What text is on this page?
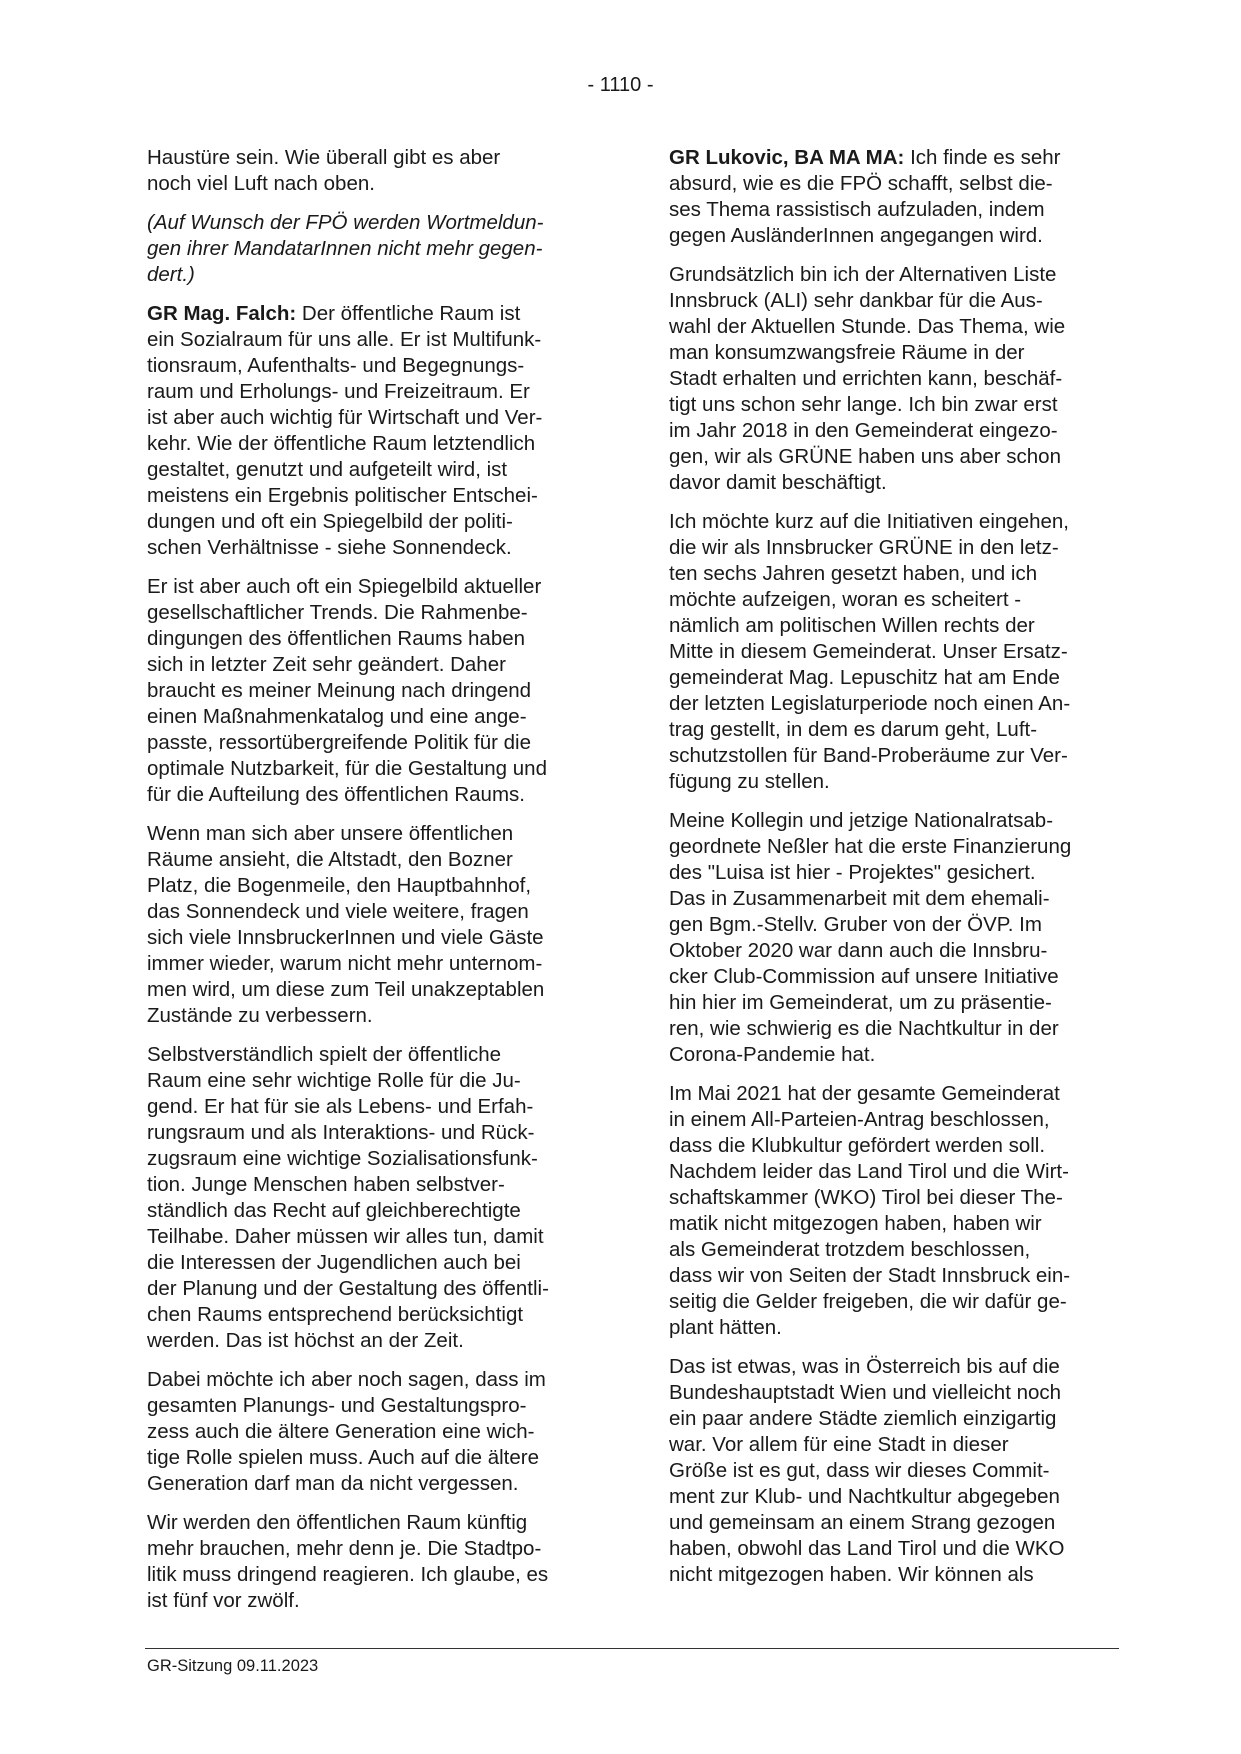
- 1110 -

Haustüre sein. Wie überall gibt es aber
noch viel Luft nach oben.

(Auf Wunsch der FPÖ werden Wortmeldun-
gen ihrer MandatarInnen nicht mehr gegen-
dert.)

GR Mag. Falch: Der öffentliche Raum ist
ein Sozialraum für uns alle. Er ist Multifunk-
tionsraum, Aufenthalts- und Begegnungs-
raum und Erholungs- und Freizeitraum. Er
ist aber auch wichtig für Wirtschaft und Ver-
kehr. Wie der öffentliche Raum letztendlich
gestaltet, genutzt und aufgeteilt wird, ist
meistens ein Ergebnis politischer Entschei-
dungen und oft ein Spiegelbild der politi-
schen Verhältnisse - siehe Sonnendeck.

Er ist aber auch oft ein Spiegelbild aktueller
gesellschaftlicher Trends. Die Rahmenbe-
dingungen des öffentlichen Raums haben
sich in letzter Zeit sehr geändert. Daher
braucht es meiner Meinung nach dringend
einen Maßnahmenkatalog und eine ange-
passte, ressortübergreifende Politik für die
optimale Nutzbarkeit, für die Gestaltung und
für die Aufteilung des öffentlichen Raums.

Wenn man sich aber unsere öffentlichen
Räume ansieht, die Altstadt, den Bozner
Platz, die Bogenmeile, den Hauptbahnhof,
das Sonnendeck und viele weitere, fragen
sich viele InnsbruckerInnen und viele Gäste
immer wieder, warum nicht mehr unternom-
men wird, um diese zum Teil unakzeptablen
Zustände zu verbessern.

Selbstverständlich spielt der öffentliche
Raum eine sehr wichtige Rolle für die Ju-
gend. Er hat für sie als Lebens- und Erfah-
rungsraum und als Interaktions- und Rück-
zugsraum eine wichtige Sozialisationsfunk-
tion. Junge Menschen haben selbstver-
ständlich das Recht auf gleichberechtigte
Teilhabe. Daher müssen wir alles tun, damit
die Interessen der Jugendlichen auch bei
der Planung und der Gestaltung des öffentli-
chen Raums entsprechend berücksichtigt
werden. Das ist höchst an der Zeit.

Dabei möchte ich aber noch sagen, dass im
gesamten Planungs- und Gestaltungspro-
zess auch die ältere Generation eine wich-
tige Rolle spielen muss. Auch auf die ältere
Generation darf man da nicht vergessen.

Wir werden den öffentlichen Raum künftig
mehr brauchen, mehr denn je. Die Stadtpo-
litik muss dringend reagieren. Ich glaube, es
ist fünf vor zwölf.

GR Lukovic, BA MA MA: Ich finde es sehr
absurd, wie es die FPÖ schafft, selbst die-
ses Thema rassistisch aufzuladen, indem
gegen AusländerInnen angegangen wird.

Grundsätzlich bin ich der Alternativen Liste
Innsbruck (ALI) sehr dankbar für die Aus-
wahl der Aktuellen Stunde. Das Thema, wie
man konsumzwangsfreie Räume in der
Stadt erhalten und errichten kann, beschäf-
tigt uns schon sehr lange. Ich bin zwar erst
im Jahr 2018 in den Gemeinderat eingezo-
gen, wir als GRÜNE haben uns aber schon
davor damit beschäftigt.

Ich möchte kurz auf die Initiativen eingehen,
die wir als Innsbrucker GRÜNE in den letz-
ten sechs Jahren gesetzt haben, und ich
möchte aufzeigen, woran es scheitert -
nämlich am politischen Willen rechts der
Mitte in diesem Gemeinderat. Unser Ersatz-
gemeinderat Mag. Lepuschitz hat am Ende
der letzten Legislaturperiode noch einen An-
trag gestellt, in dem es darum geht, Luft-
schutzstollen für Band-Proberäume zur Ver-
fügung zu stellen.

Meine Kollegin und jetzige Nationalratsab-
geordnete Neßler hat die erste Finanzierung
des "Luisa ist hier - Projektes" gesichert.
Das in Zusammenarbeit mit dem ehemali-
gen Bgm.-Stellv. Gruber von der ÖVP. Im
Oktober 2020 war dann auch die Innsbru-
cker Club-Commission auf unsere Initiative
hin hier im Gemeinderat, um zu präsentie-
ren, wie schwierig es die Nachtkultur in der
Corona-Pandemie hat.

Im Mai 2021 hat der gesamte Gemeinderat
in einem All-Parteien-Antrag beschlossen,
dass die Klubkultur gefördert werden soll.
Nachdem leider das Land Tirol und die Wirt-
schaftskammer (WKO) Tirol bei dieser The-
matik nicht mitgezogen haben, haben wir
als Gemeinderat trotzdem beschlossen,
dass wir von Seiten der Stadt Innsbruck ein-
seitig die Gelder freigeben, die wir dafür ge-
plant hätten.

Das ist etwas, was in Österreich bis auf die
Bundeshauptstadt Wien und vielleicht noch
ein paar andere Städte ziemlich einzigartig
war. Vor allem für eine Stadt in dieser
Größe ist es gut, dass wir dieses Commit-
ment zur Klub- und Nachtkultur abgegeben
und gemeinsam an einem Strang gezogen
haben, obwohl das Land Tirol und die WKO
nicht mitgezogen haben. Wir können als

GR-Sitzung 09.11.2023
